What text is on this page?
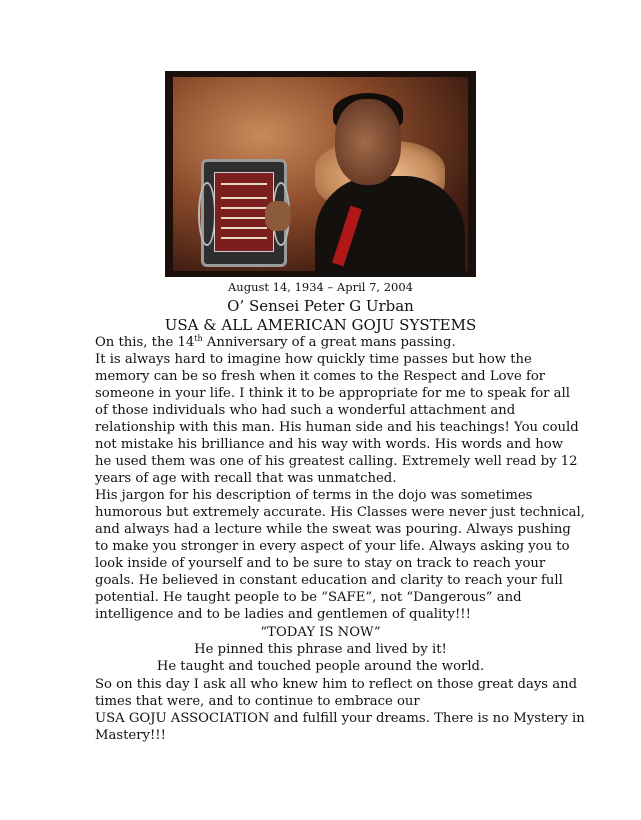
August 14, 1934 – April 7, 2004
O’ Sensei Peter G Urban
USA & ALL AMERICAN GOJU SYSTEMS
On this, the 14th Anniversary of a great mans passing.
It is always hard to imagine how quickly time passes but how the
memory can be so fresh when it comes to the Respect and Love for
someone in your life. I think it to be appropriate for me to speak for all
of those individuals who had such a wonderful attachment and
relationship with this man. His human side and his teachings! You could
not mistake his brilliance and his way with words. His words and how
he used them was one of his greatest calling. Extremely well read by 12
years of age with recall that was unmatched.
His jargon for his description of terms in the dojo was sometimes
humorous but extremely accurate. His Classes were never just technical,
and always had a lecture while the sweat was pouring. Always pushing
to make you stronger in every aspect of your life. Always asking you to
look inside of yourself and to be sure to stay on track to reach your
goals. He believed in constant education and clarity to reach your full
potential. He taught people to be “SAFE”, not “Dangerous” and
intelligence and to be ladies and gentlemen of quality!!!
“TODAY IS NOW”
He pinned this phrase and lived by it!
He taught and touched people around the world.
So on this day I ask all who knew him to reflect on those great days and
times that were, and to continue to embrace our
USA GOJU ASSOCIATION and fulfill your dreams. There is no Mystery in
Mastery!!!
